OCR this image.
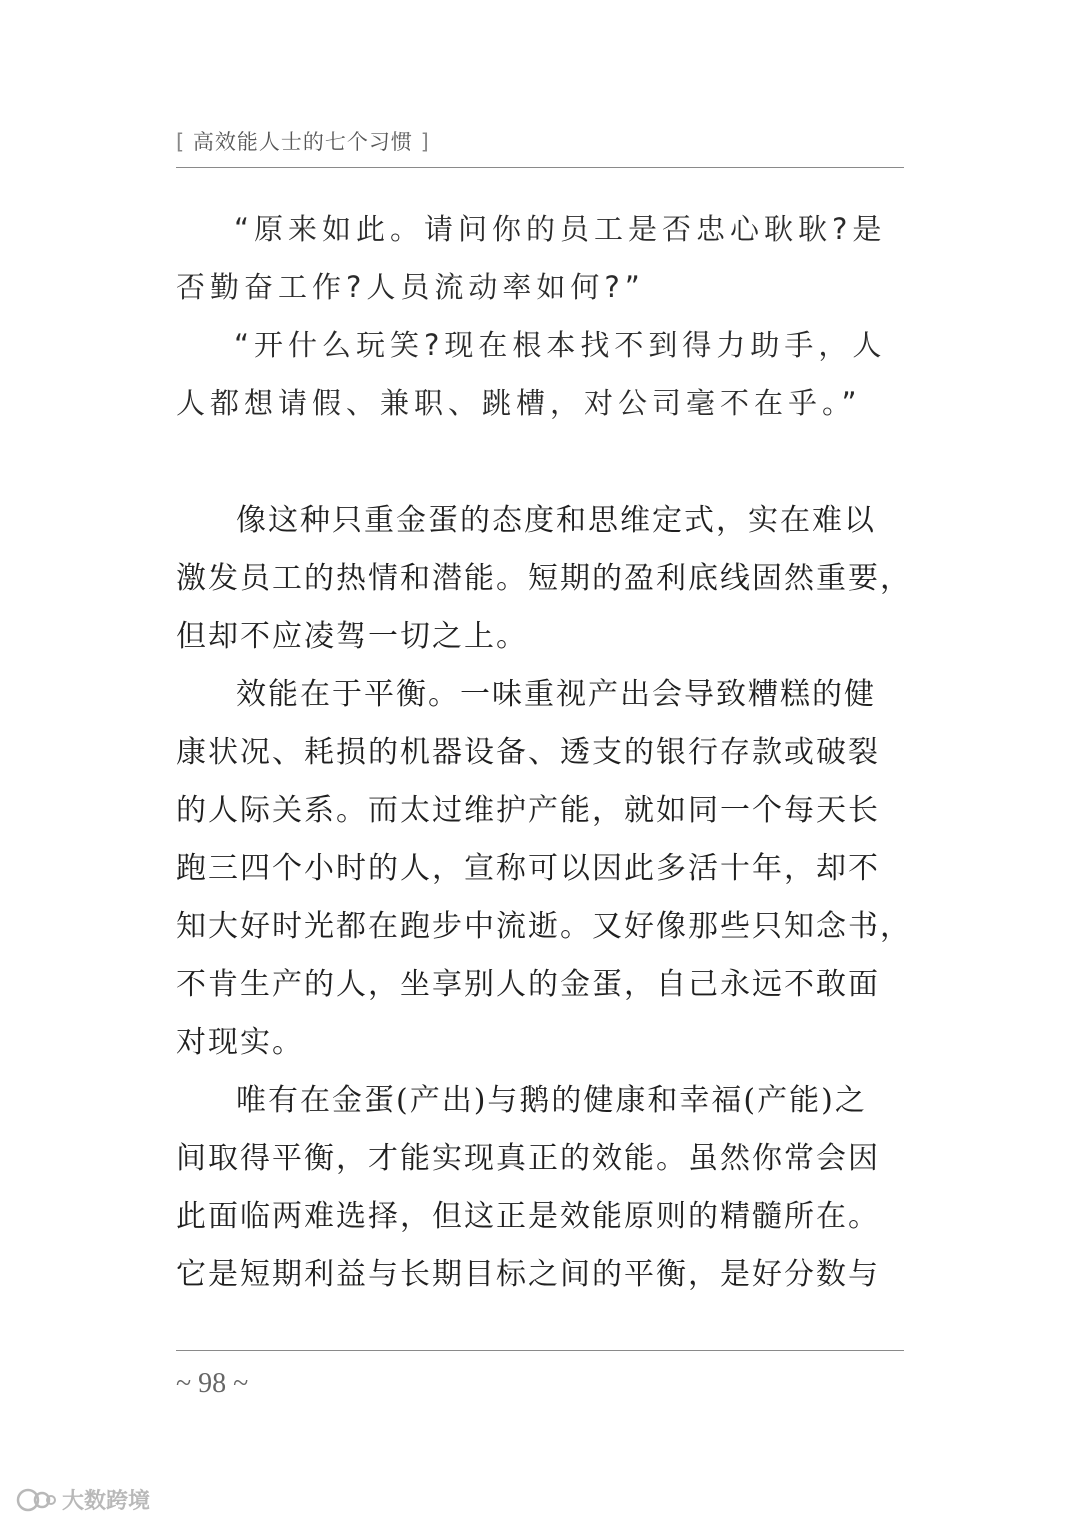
[ 高效能人士的七个习惯 ]

“原来如此。请问你的员工是否忠心耿耿?是
否勤奋工作?人员流动率如何?”

“开什么玩笑?现在根本找不到得力助手，人
人都想请假、兼职、跳槽，对公司毫不在乎。”

像这种只重金蛋的态度和思维定式，实在难以
激发员工的热情和潜能。短期的盈利底线固然重要，
但却不应凌驾一切之上。

效能在于平衡。一味重视产出会导致糟糕的健
康状况、耗损的机器设备、透支的银行存款或破裂
的人际关系。而太过维护产能，就如同一个每天长
跑三四个小时的人，宣称可以因此多活十年，却不
知大好时光都在跑步中流逝。又好像那些只知念书，
不肯生产的人，坐享别人的金蛋，自己永远不敢面
对现实。

唯有在金蛋(产出)与鹅的健康和幸福(产能)之
间取得平衡，才能实现真正的效能。虽然你常会因
此面临两难选择，但这正是效能原则的精髓所在。
它是短期利益与长期目标之间的平衡，是好分数与

~ 98 ~
大数跨境
